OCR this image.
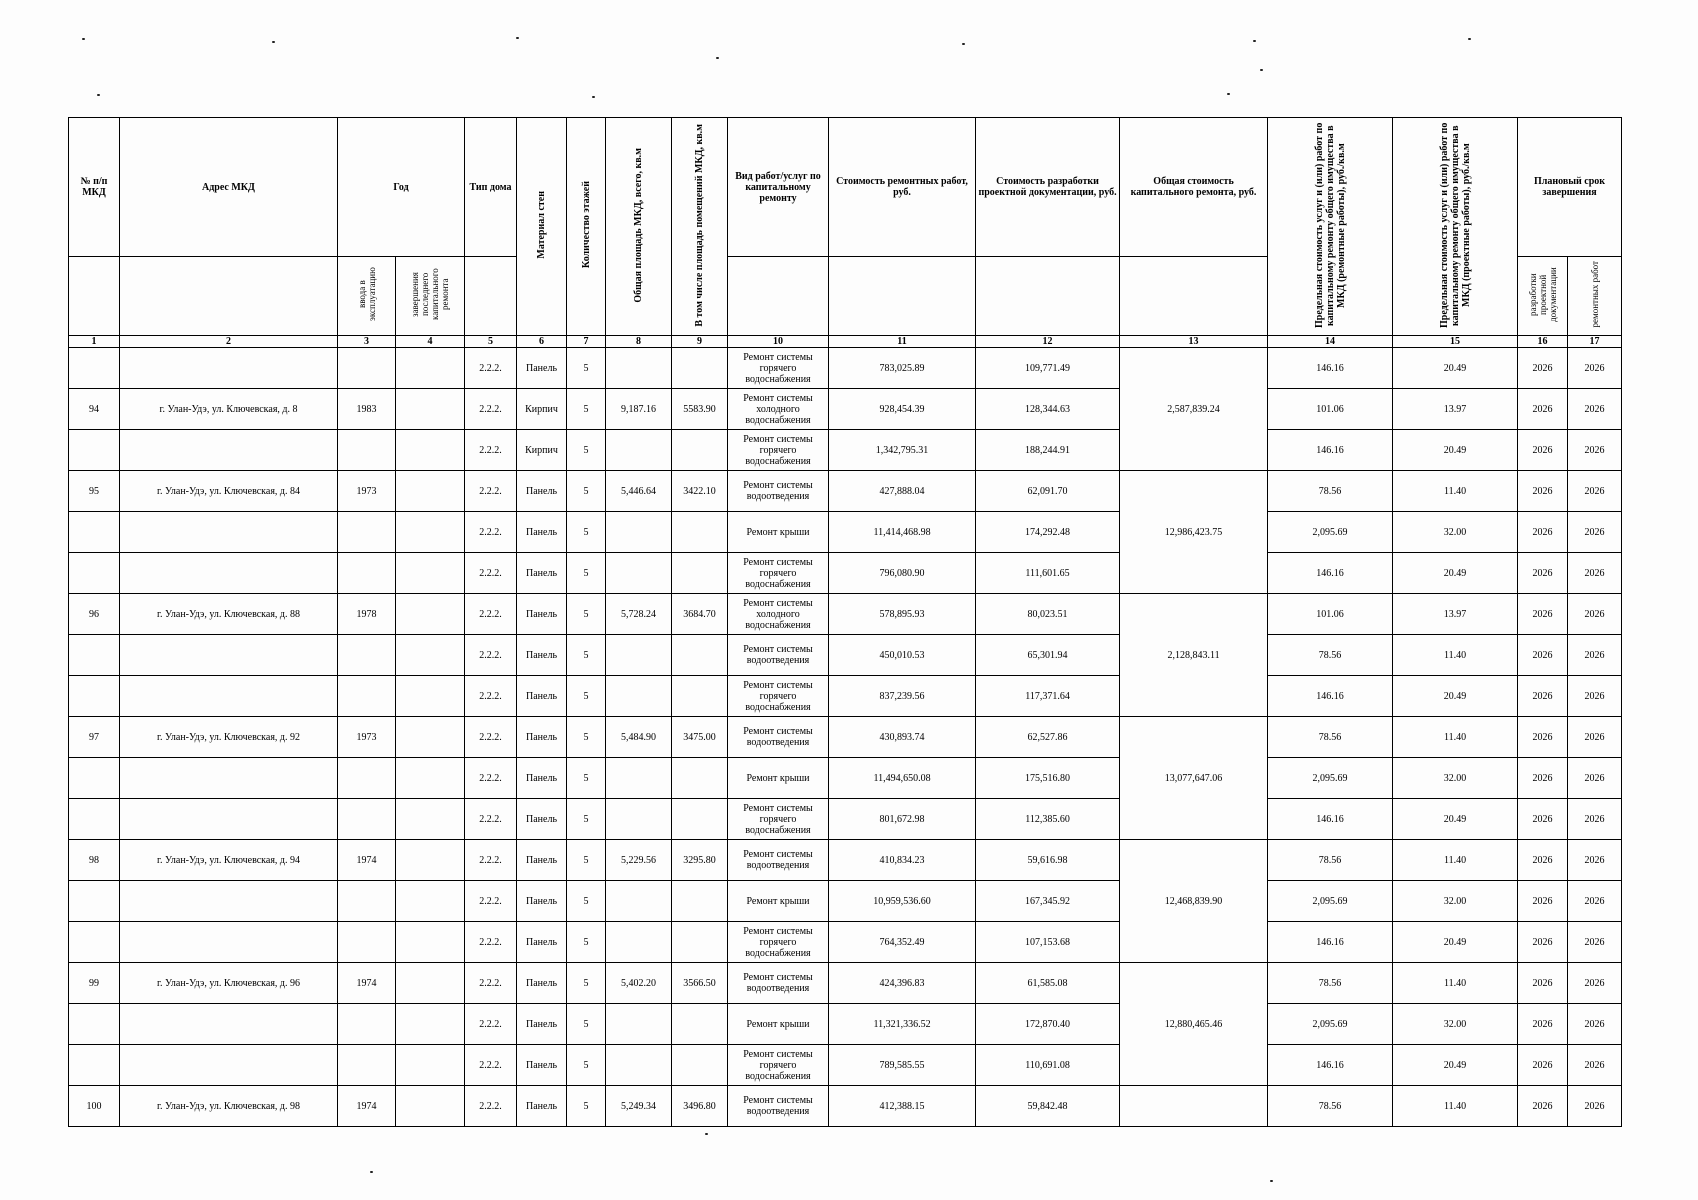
№ п/п МКД	Адрес МКД	Год		Тип дома	Материал стен	Количество этажей	Общая площадь МКД, всего, кв.м	В том числе площадь помещений МКД, кв.м	Вид работ/услуг по капитальному ремонту	Стоимость ремонтных работ, руб.	Стоимость разработки проектной документации, руб.	Общая стоимость капитального ремонта, руб.	Предельная стоимость услуг и (или) работ по капитальному ремонту общего имущества в МКД (ремонтные работы), руб./кв.м	Предельная стоимость услуг и (или) работ по капитальному ремонту общего имущества в МКД (проектные работы), руб./кв.м	Плановый срок завершения	
		ввода в эксплуатацию	завершения последнего капитального ремонта												разработки проектной документации	ремонтных работ
1	2	3	4	5	6	7	8	9	10	11	12	13	14	15	16	17
				2.2.2.	Панель	5			Ремонт системы горячего водоснабжения	783,025.89	109,771.49	2,587,839.24	146.16	20.49	2026	2026
94	г. Улан-Удэ, ул. Ключевская, д. 8	1983		2.2.2.	Кирпич	5	9,187.16	5583.90	Ремонт системы холодного водоснабжения	928,454.39	128,344.63		101.06	13.97	2026	2026
				2.2.2.	Кирпич	5			Ремонт системы горячего водоснабжения	1,342,795.31	188,244.91		146.16	20.49	2026	2026
95	г. Улан-Удэ, ул. Ключевская, д. 84	1973		2.2.2.	Панель	5	5,446.64	3422.10	Ремонт системы водоотведения	427,888.04	62,091.70	12,986,423.75	78.56	11.40	2026	2026
				2.2.2.	Панель	5			Ремонт крыши	11,414,468.98	174,292.48		2,095.69	32.00	2026	2026
				2.2.2.	Панель	5			Ремонт системы горячего водоснабжения	796,080.90	111,601.65		146.16	20.49	2026	2026
96	г. Улан-Удэ, ул. Ключевская, д. 88	1978		2.2.2.	Панель	5	5,728.24	3684.70	Ремонт системы холодного водоснабжения	578,895.93	80,023.51	2,128,843.11	101.06	13.97	2026	2026
				2.2.2.	Панель	5			Ремонт системы водоотведения	450,010.53	65,301.94		78.56	11.40	2026	2026
				2.2.2.	Панель	5			Ремонт системы горячего водоснабжения	837,239.56	117,371.64		146.16	20.49	2026	2026
97	г. Улан-Удэ, ул. Ключевская, д. 92	1973		2.2.2.	Панель	5	5,484.90	3475.00	Ремонт системы водоотведения	430,893.74	62,527.86	13,077,647.06	78.56	11.40	2026	2026
				2.2.2.	Панель	5			Ремонт крыши	11,494,650.08	175,516.80		2,095.69	32.00	2026	2026
				2.2.2.	Панель	5			Ремонт системы горячего водоснабжения	801,672.98	112,385.60		146.16	20.49	2026	2026
98	г. Улан-Удэ, ул. Ключевская, д. 94	1974		2.2.2.	Панель	5	5,229.56	3295.80	Ремонт системы водоотведения	410,834.23	59,616.98	12,468,839.90	78.56	11.40	2026	2026
				2.2.2.	Панель	5			Ремонт крыши	10,959,536.60	167,345.92		2,095.69	32.00	2026	2026
				2.2.2.	Панель	5			Ремонт системы горячего водоснабжения	764,352.49	107,153.68		146.16	20.49	2026	2026
99	г. Улан-Удэ, ул. Ключевская, д. 96	1974		2.2.2.	Панель	5	5,402.20	3566.50	Ремонт системы водоотведения	424,396.83	61,585.08	12,880,465.46	78.56	11.40	2026	2026
				2.2.2.	Панель	5			Ремонт крыши	11,321,336.52	172,870.40		2,095.69	32.00	2026	2026
				2.2.2.	Панель	5			Ремонт системы горячего водоснабжения	789,585.55	110,691.08		146.16	20.49	2026	2026
100	г. Улан-Удэ, ул. Ключевская, д. 98	1974		2.2.2.	Панель	5	5,249.34	3496.80	Ремонт системы водоотведения	412,388.15	59,842.48		78.56	11.40	2026	2026
